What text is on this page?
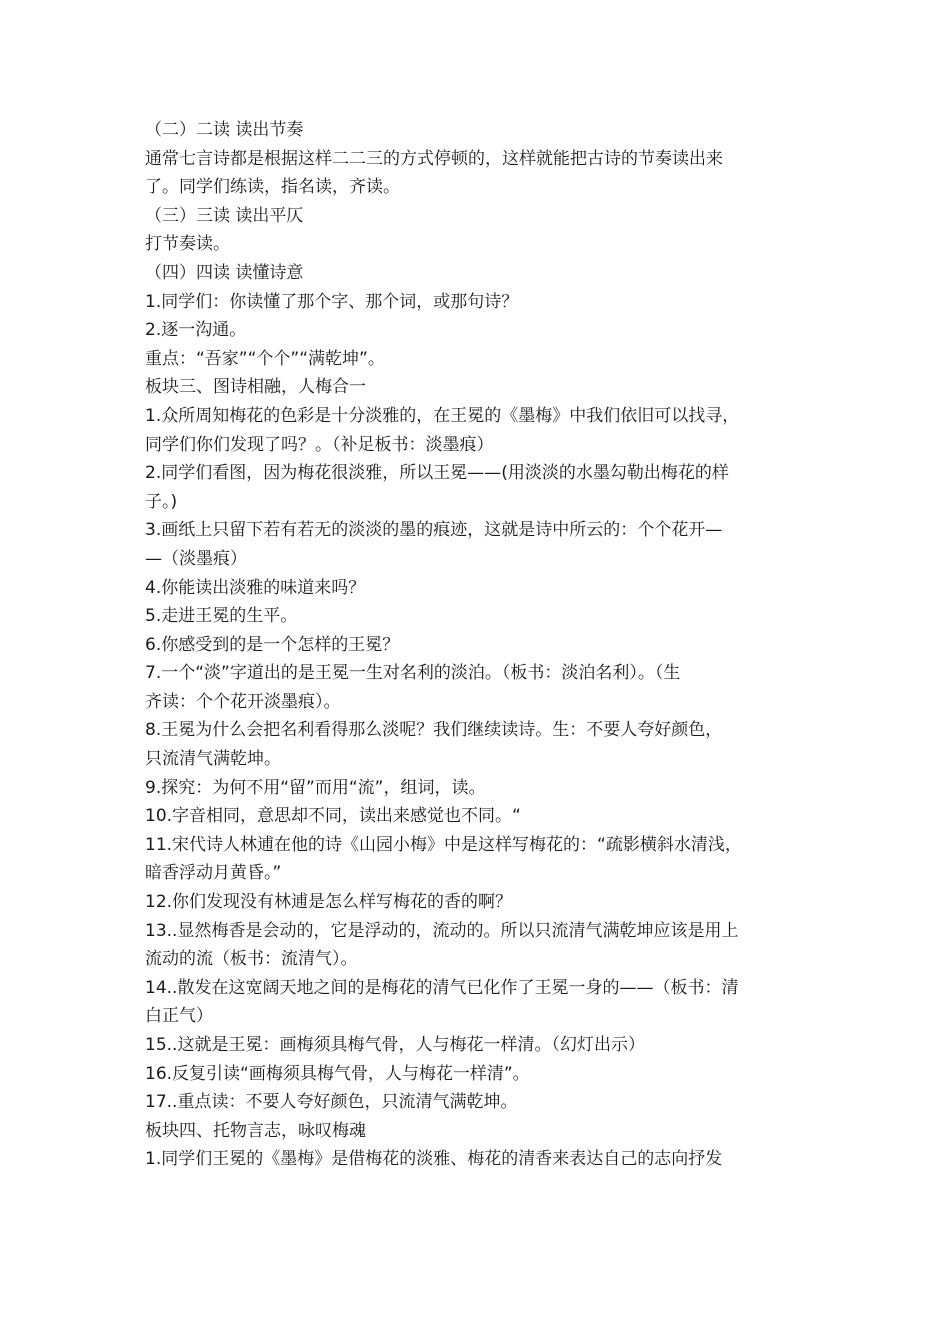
（二）二读 读出节奏

通常七言诗都是根据这样二二三的方式停顿的，这样就能把古诗的节奏读出来

了。同学们练读，指名读，齐读。

（三）三读 读出平仄

打节奏读。

（四）四读 读懂诗意

1.同学们：你读懂了那个字、那个词，或那句诗？

2.逐一沟通。

重点：“吾家”“个个”“满乾坤”。

板块三、图诗相融，人梅合一

1.众所周知梅花的色彩是十分淡雅的，在王冕的《墨梅》中我们依旧可以找寻，

同学们你们发现了吗？。（补足板书：淡墨痕）

2.同学们看图，因为梅花很淡雅，所以王冕——(用淡淡的水墨勾勒出梅花的样

子。)

3.画纸上只留下若有若无的淡淡的墨的痕迹，这就是诗中所云的：个个花开—

—（淡墨痕）

4.你能读出淡雅的味道来吗？

5.走进王冕的生平。

6.你感受到的是一个怎样的王冕？

7.一个“淡”字道出的是王冕一生对名利的淡泊。（板书：淡泊名利）。（生

齐读：个个花开淡墨痕）。

8.王冕为什么会把名利看得那么淡呢？我们继续读诗。生：不要人夸好颜色，

只流清气满乾坤。

9.探究：为何不用“留”而用“流”，组词，读。

10.字音相同，意思却不同，读出来感觉也不同。“

11.宋代诗人林逋在他的诗《山园小梅》中是这样写梅花的：“疏影横斜水清浅，

暗香浮动月黄昏。”

12.你们发现没有林逋是怎么样写梅花的香的啊？

13..显然梅香是会动的，它是浮动的，流动的。所以只流清气满乾坤应该是用上

流动的流（板书：流清气）。

14..散发在这宽阔天地之间的是梅花的清气已化作了王冕一身的——（板书：清

白正气）

15..这就是王冕：画梅须具梅气骨，人与梅花一样清。（幻灯出示）

16.反复引读“画梅须具梅气骨，人与梅花一样清”。

17..重点读：不要人夸好颜色，只流清气满乾坤。

板块四、托物言志，咏叹梅魂

1.同学们王冕的《墨梅》是借梅花的淡雅、梅花的清香来表达自己的志向抒发
